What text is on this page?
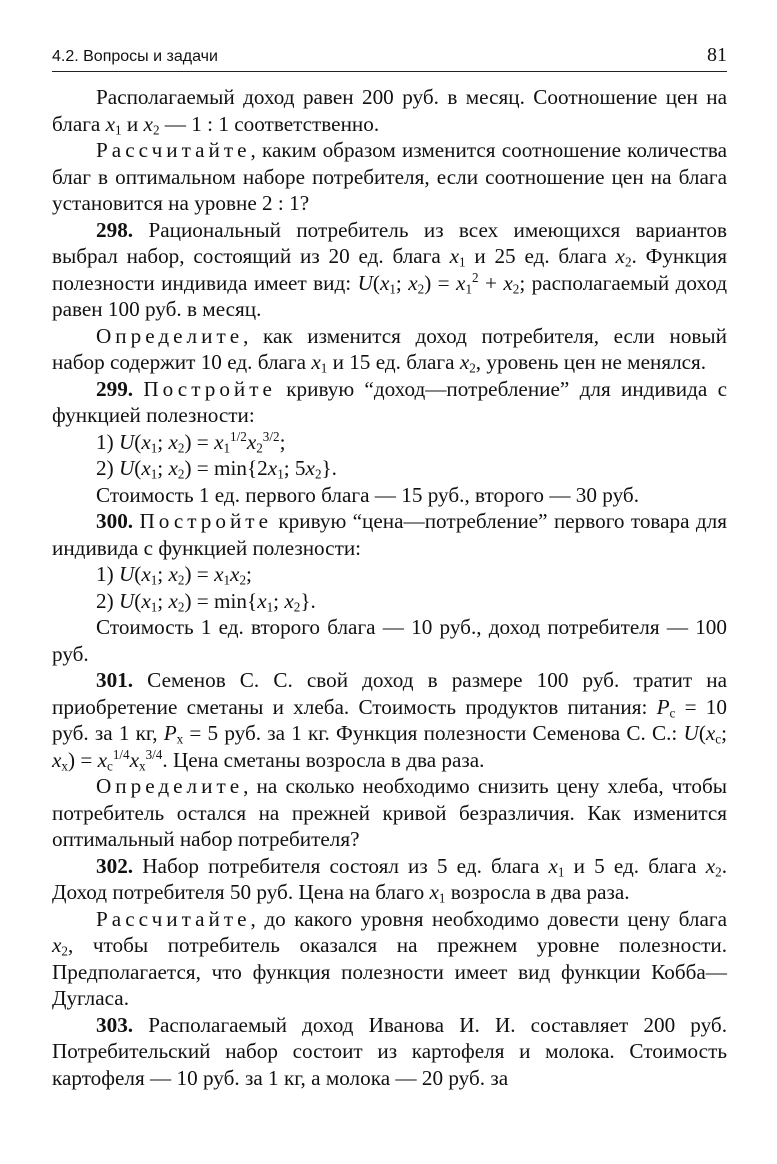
4.2. Вопросы и задачи	81

Располагаемый доход равен 200 руб. в месяц. Соотношение цен на блага $x_1$ и $x_2$ — 1 : 1 соответственно.

Рассчитайте, каким образом изменится соотношение количества благ в оптимальном наборе потребителя, если соотношение цен на блага установится на уровне 2 : 1?

298. Рациональный потребитель из всех имеющихся вариантов выбрал набор, состоящий из 20 ед. блага $x_1$ и 25 ед. блага $x_2$. Функция полезности индивида имеет вид: $U(x_1$; $x_2) = x_1^2 + x_2$; располагаемый доход равен 100 руб. в месяц.

Определите, как изменится доход потребителя, если новый набор содержит 10 ед. блага $x_1$ и 15 ед. блага $x_2$, уровень цен не менялся.

299. Постройте кривую “доход—потребление” для индивида с функцией полезности:

1) $U(x_1$; $x_2) = x_1^{1/2}x_2^{3/2}$;

2) $U(x_1$; $x_2) = \min\{2x_1$; $5x_2$}.

Стоимость 1 ед. первого блага — 15 руб., второго — 30 руб.

300. Постройте кривую “цена—потребление” первого товара для индивида с функцией полезности:

1) $U(x_1$; $x_2) = x_1x_2$;

2) $U(x_1$; $x_2) = \min\{x_1$; $x_2$}.

Стоимость 1 ед. второго блага — 10 руб., доход потребителя — 100 руб.

301. Семенов С. С. свой доход в размере 100 руб. тратит на приобретение сметаны и хлеба. Стоимость продуктов питания: $P_с = 10$ руб. за 1 кг, $P_х = 5$ руб. за 1 кг. Функция полезности Семенова С. С.: $U(x_с$; $x_х) = x_с^{1/4}x_х^{3/4}$. Цена сметаны возросла в два раза.

Определите, на сколько необходимо снизить цену хлеба, чтобы потребитель остался на прежней кривой безразличия. Как изменится оптимальный набор потребителя?

302. Набор потребителя состоял из 5 ед. блага $x_1$ и 5 ед. блага $x_2$. Доход потребителя 50 руб. Цена на благо $x_1$ возросла в два раза.

Рассчитайте, до какого уровня необходимо довести цену блага $x_2$, чтобы потребитель оказался на прежнем уровне полезности. Предполагается, что функция полезности имеет вид функции Кобба—Дугласа.

303. Располагаемый доход Иванова И. И. составляет 200 руб. Потребительский набор состоит из картофеля и молока. Стоимость картофеля — 10 руб. за 1 кг, а молока — 20 руб. за
